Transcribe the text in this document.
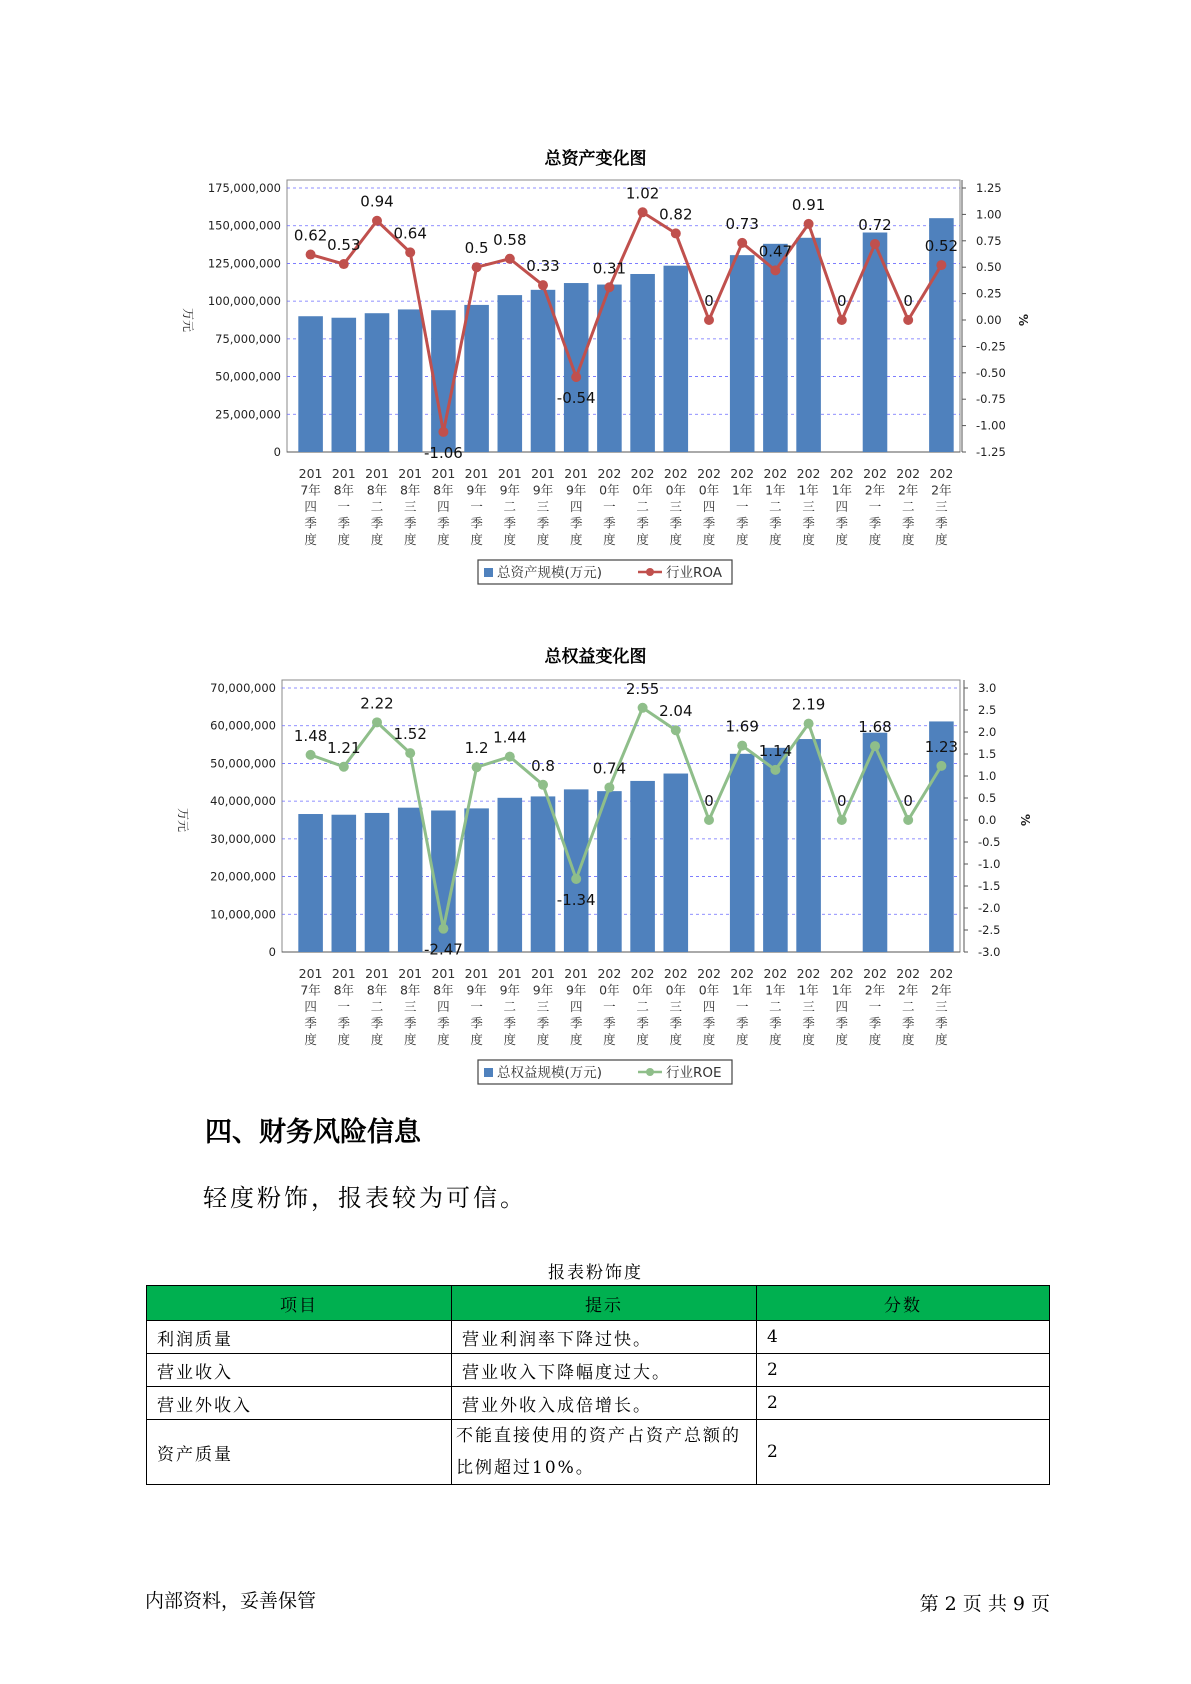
总资产变化图
0
25,000,000
50,000,000
75,000,000
100,000,000
125,000,000
150,000,000
175,000,000
万元
-1.25
-1.00
-0.75
-0.50
-0.25
0.00
0.25
0.50
0.75
1.00
1.25
%
201 7年四季度
201 8年一季度
201 8年二季度
201 8年三季度
201 8年四季度
201 9年一季度
201 9年二季度
201 9年三季度
201 9年四季度
202 0年一季度
202 0年二季度
202 0年三季度
202 0年四季度
202 1年一季度
202 1年二季度
202 1年三季度
202 1年四季度
202 2年一季度
202 2年二季度
202 2年三季度
0.62
0.53
0.94
0.64
-1.06
0.5 0.58
0.33
-0.54
0.31
1.02
0.82
0
0.73
0.47
0.91
0
0.72
0
0.52
总资产规模(万元)	行业ROA
总权益变化图
0
10,000,000
20,000,000
30,000,000
40,000,000
50,000,000
60,000,000
70,000,000
万元
-3.0
-2.5
-2.0
-1.5
-1.0
-0.5
0.0
0.5
1.0
1.5
2.0
2.5
3.0
%
201 7年四季度
201 8年一季度
201 8年二季度
201 8年三季度
201 8年四季度
201 9年一季度
201 9年二季度
201 9年三季度
201 9年四季度
202 0年一季度
202 0年二季度
202 0年三季度
202 0年四季度
202 1年一季度
202 1年二季度
202 1年三季度
202 1年四季度
202 2年一季度
202 2年二季度
202 2年三季度
1.48
1.21
2.22
1.52
-2.47
1.2
1.44
0.8
-1.34
0.74
2.55
2.04
0
1.69
1.14
2.19
0
1.68
0
1.23
总权益规模(万元)	行业ROE
四、财务风险信息
轻度粉饰，报表较为可信。
报表粉饰度
项目	提示	分数
利润质量	营业利润率下降过快。	4
营业收入	营业收入下降幅度过大。	2
营业外收入	营业外收入成倍增长。	2
资产质量	不能直接使用的资产占资产总额的比例超过10%。	2
内部资料，妥善保管	第 2 页 共 9 页
